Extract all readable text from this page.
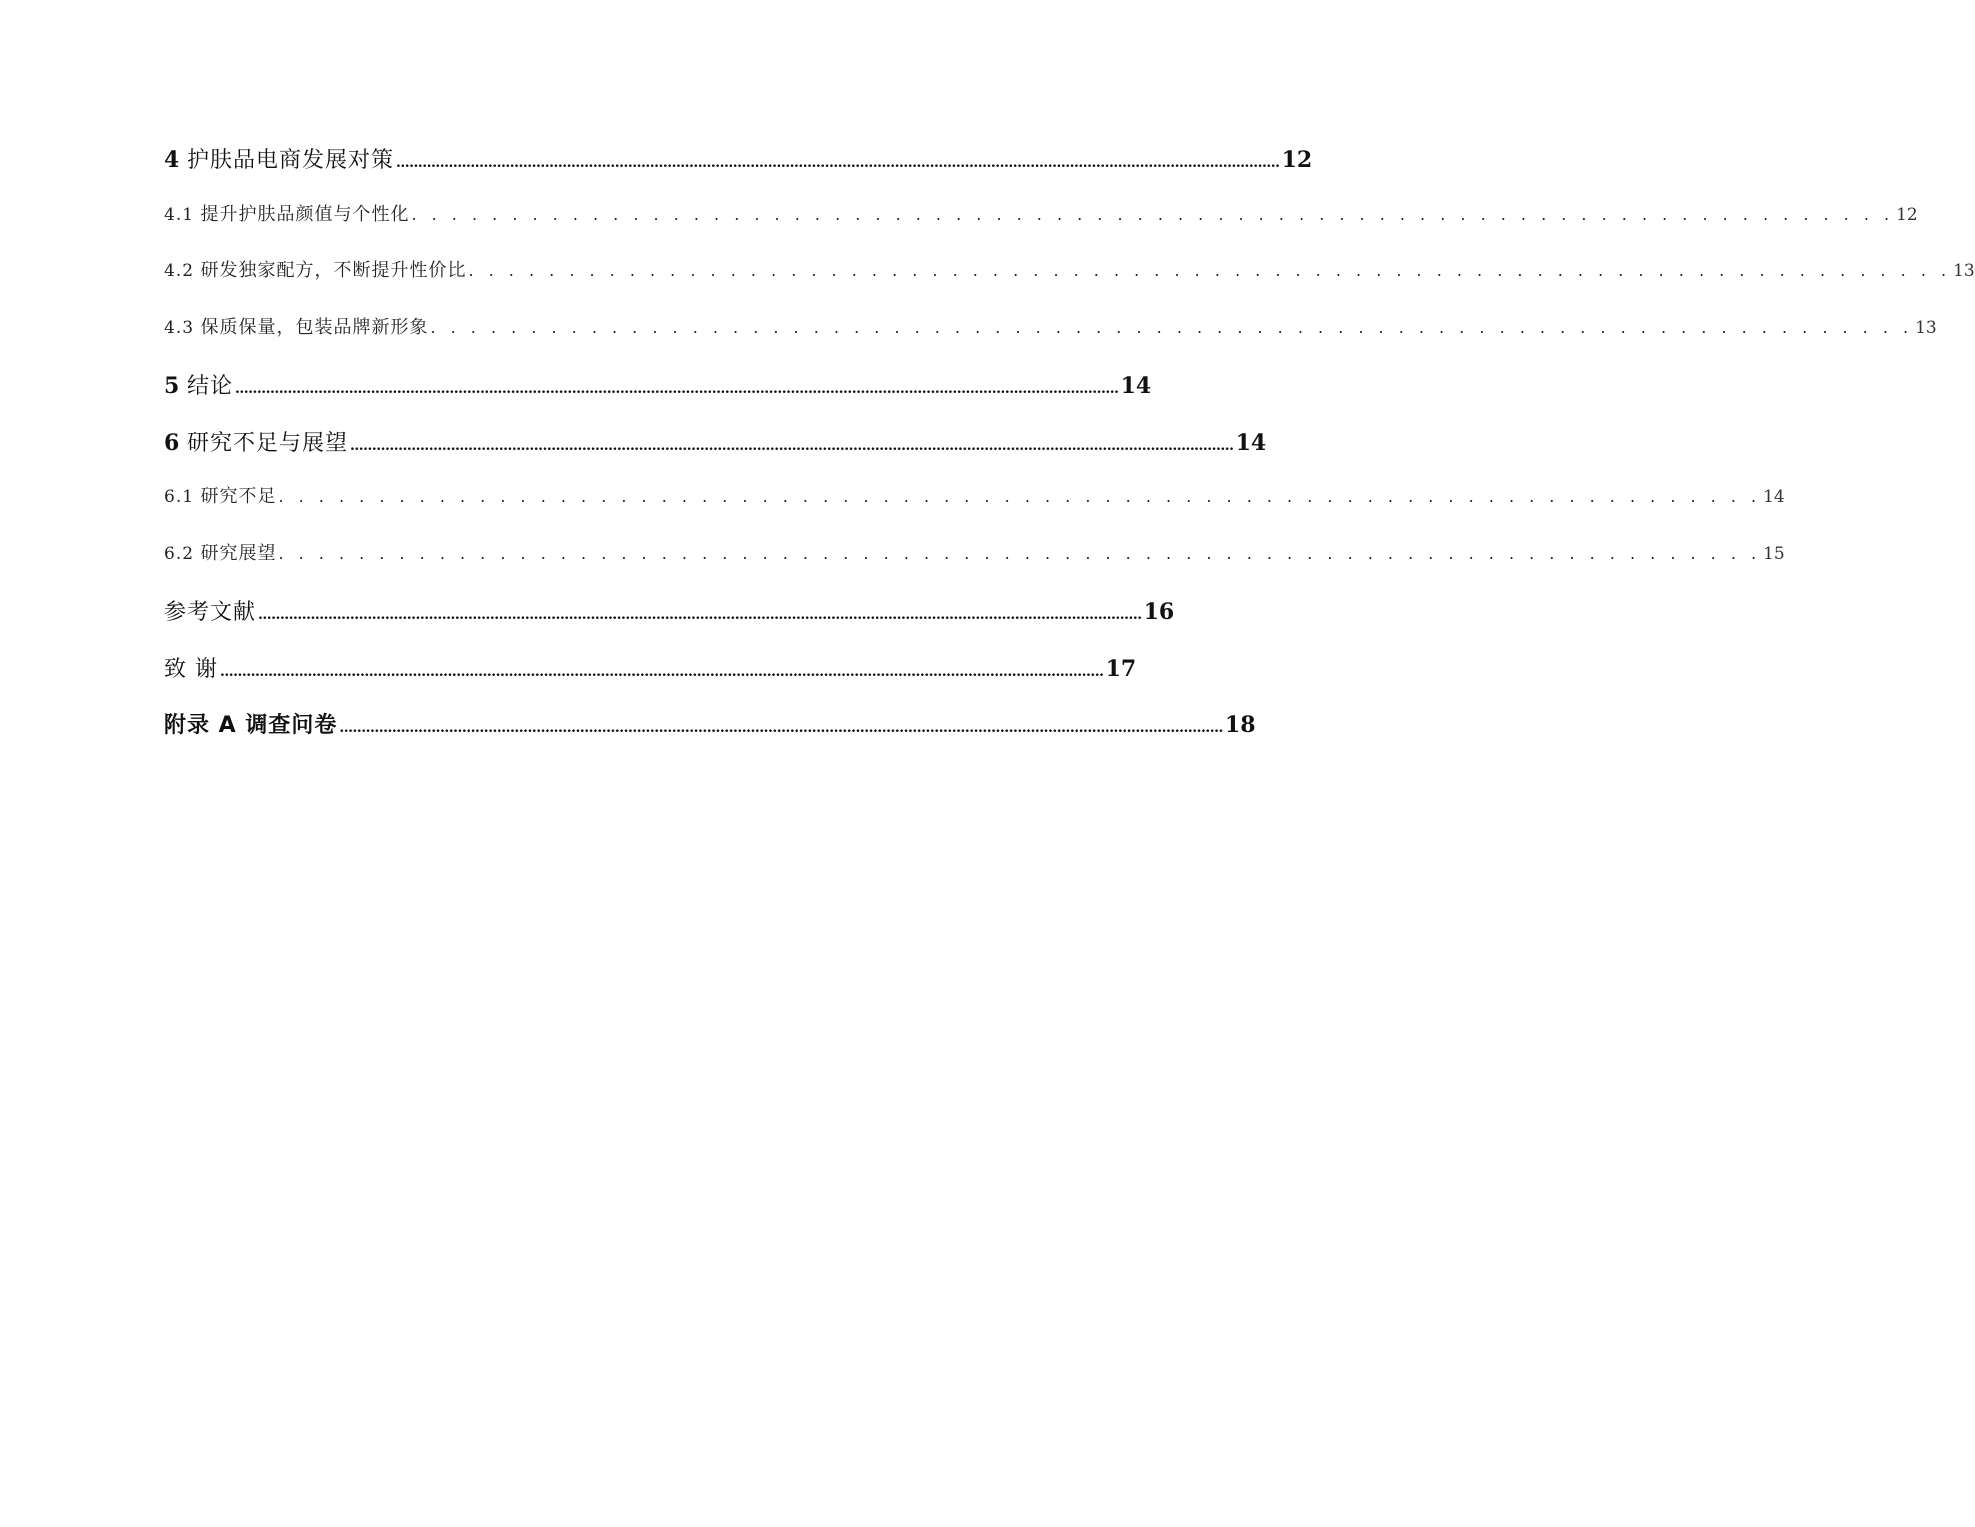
4 护肤品电商发展对策 .......................................................................................................................................................................................................... 12
4.1 提升护肤品颜值与个性化 . . . . . . . . . . . . . . . . . . . . . . . . . . . . . . . . . . . . . . . . . . . . . . . . . . . . . . . . . . . . . . . . . . . . . . . . . . 12
4.2 研发独家配方，不断提升性价比 . . . . . . . . . . . . . . . . . . . . . . . . . . . . . . . . . . . . . . . . . . . . . . . . . . . . . . . . . . . . . . . . . . . . . . . . . . 13
4.3 保质保量，包装品牌新形象 . . . . . . . . . . . . . . . . . . . . . . . . . . . . . . . . . . . . . . . . . . . . . . . . . . . . . . . . . . . . . . . . . . . . . . . . . . 13
5 结论 .......................................................................................................................................................................................................... 14
6 研究不足与展望 .......................................................................................................................................................................................................... 14
6.1 研究不足 . . . . . . . . . . . . . . . . . . . . . . . . . . . . . . . . . . . . . . . . . . . . . . . . . . . . . . . . . . . . . . . . . . . . . . . . . . 14
6.2 研究展望 . . . . . . . . . . . . . . . . . . . . . . . . . . . . . . . . . . . . . . . . . . . . . . . . . . . . . . . . . . . . . . . . . . . . . . . . . . 15
参考文献 .......................................................................................................................................................................................................... 16
致 谢 .......................................................................................................................................................................................................... 17
附录 A 调查问卷 .......................................................................................................................................................................................................... 18
